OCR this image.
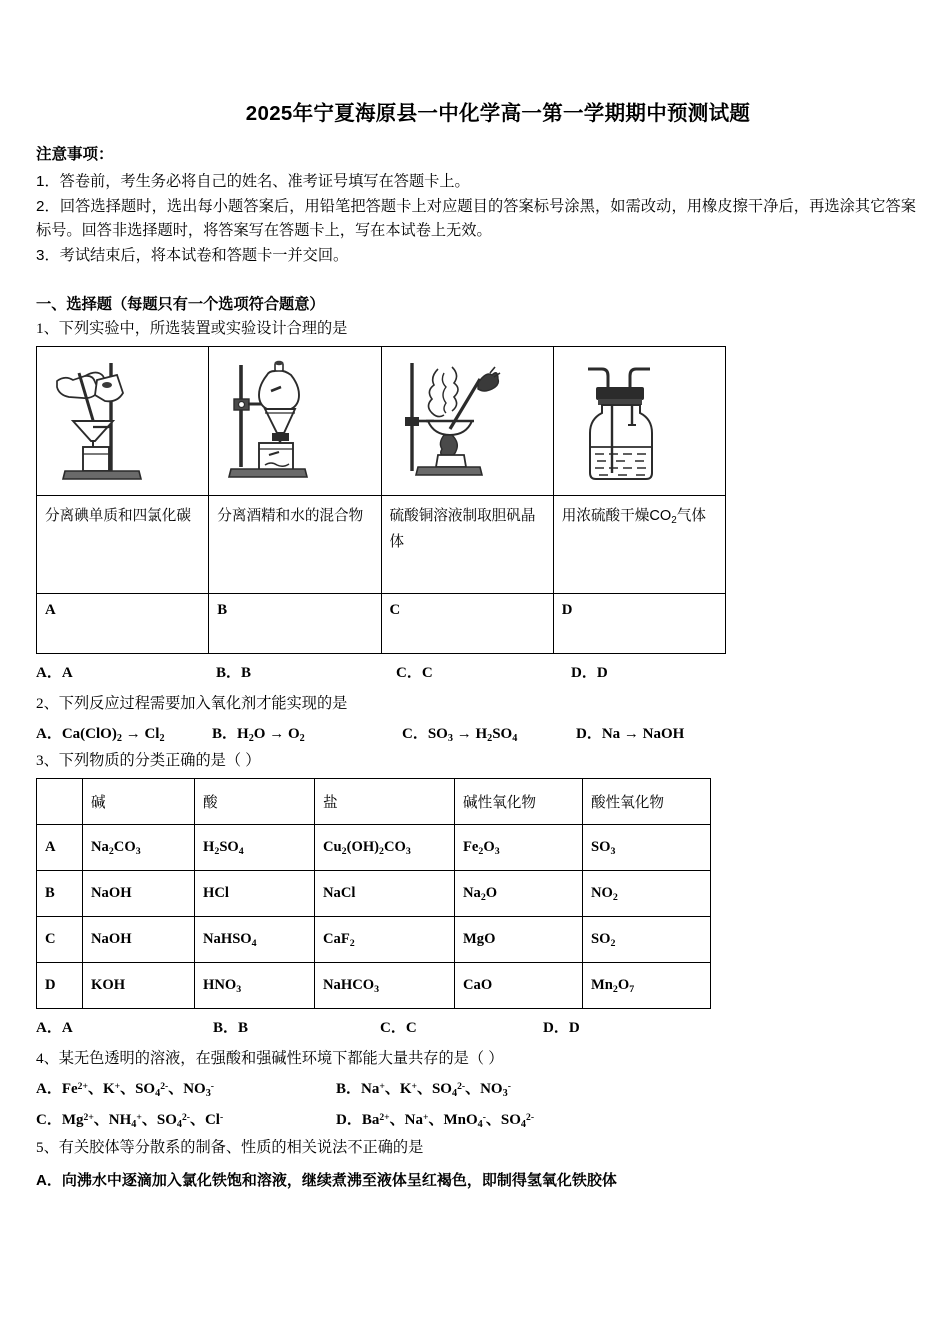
2025年宁夏海原县一中化学高一第一学期期中预测试题

注意事项：

1．答卷前，考生务必将自己的姓名、准考证号填写在答题卡上。

2．回答选择题时，选出每小题答案后，用铅笔把答题卡上对应题目的答案标号涂黑，如需改动，用橡皮擦干净后，再选涂其它答案标号。回答非选择题时，将答案写在答题卡上，写在本试卷上无效。

3．考试结束后，将本试卷和答题卡一并交回。

一、选择题（每题只有一个选项符合题意）

1、下列实验中，所选装置或实验设计合理的是

分离碘单质和四氯化碳	分离酒精和水的混合物	硫酸铜溶液制取胆矾晶体	用浓硫酸干燥CO2气体
A	B	C	D
A．A	B．B	C．C	D．D

2、下列反应过程需要加入氧化剂才能实现的是

A．$Ca(ClO)_2 \to Cl_2$	B．$H_2O \to O_2$	C．$SO_3 \to H_2SO_4$	D．Na → NaOH

3、下列物质的分类正确的是（ ）

	碱	酸	盐	碱性氧化物	酸性氧化物
A	$Na_2CO_3$	$H_2SO_4$	$Cu_2(OH)_2CO_3$	$Fe_2O_3$	$SO_3$
B	NaOH	HCl	NaCl	$Na_2O$	$NO_2$
C	NaOH	NaHSO$_4$	CaF$_2$	MgO	$SO_2$
D	KOH	$HNO_3$	NaHCO$_3$	CaO	$Mn_2O_7$
A．A	B．B	C．C	D．D

4、某无色透明的溶液，在强酸和强碱性环境下都能大量共存的是（ ）

A．$Fe^{2+}$、K+、$SO_4^{2-}$、$NO_3^-$	B．Na+、K+、$SO_4^{2-}$、$NO_3^-$
C．$Mg^{2+}$、$NH_4^+$、$SO_4^{2-}$、Cl-	D．$Ba^{2+}$、Na+、MnO$_4$-、$SO_4^{2-}$

5、有关胶体等分散系的制备、性质的相关说法不正确的是

A．向沸水中逐滴加入氯化铁饱和溶液，继续煮沸至液体呈红褐色，即制得氢氧化铁胶体
